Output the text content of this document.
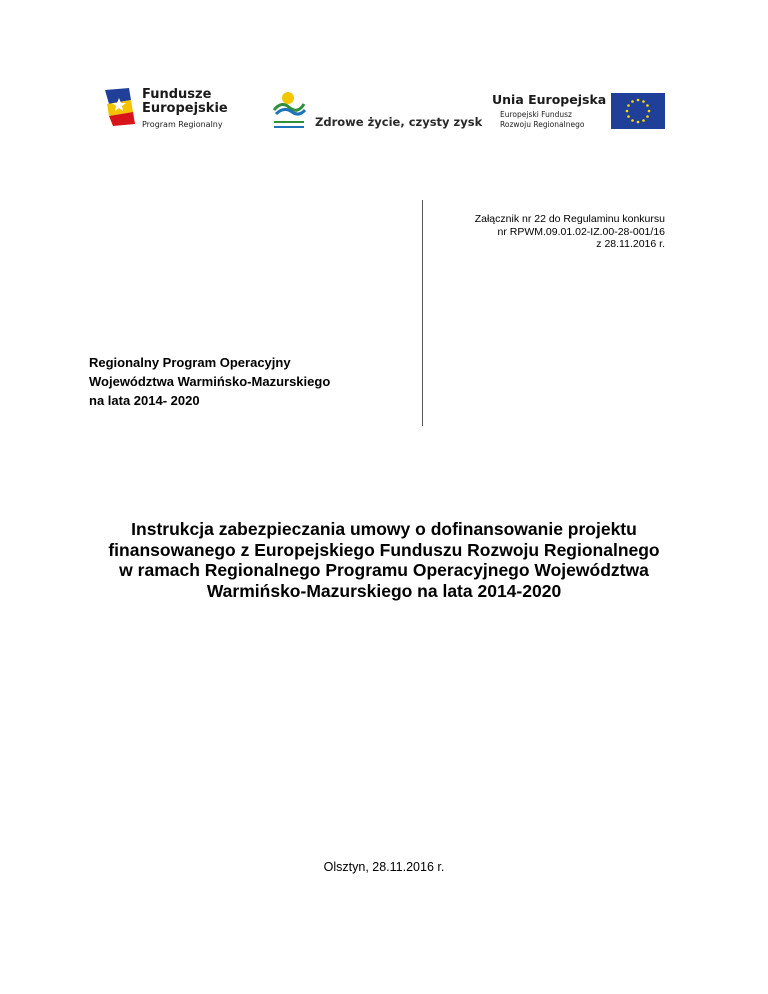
Fundusze
Europejskie
Program Regionalny	Zdrowe życie, czysty zysk
Unia Europejska
Europejski Fundusz
Rozwoju Regionalnego
Załącznik nr 22 do Regulaminu konkursu
nr RPWM.09.01.02-IZ.00-28-001/16
z 28.11.2016 r.
Regionalny Program Operacyjny
Województwa Warmińsko-Mazurskiego
na lata 2014- 2020
Instrukcja zabezpieczania umowy o dofinansowanie projektu
finansowanego z Europejskiego Funduszu Rozwoju Regionalnego
w ramach Regionalnego Programu Operacyjnego Województwa
Warmińsko-Mazurskiego na lata 2014-2020
Olsztyn, 28.11.2016 r.
